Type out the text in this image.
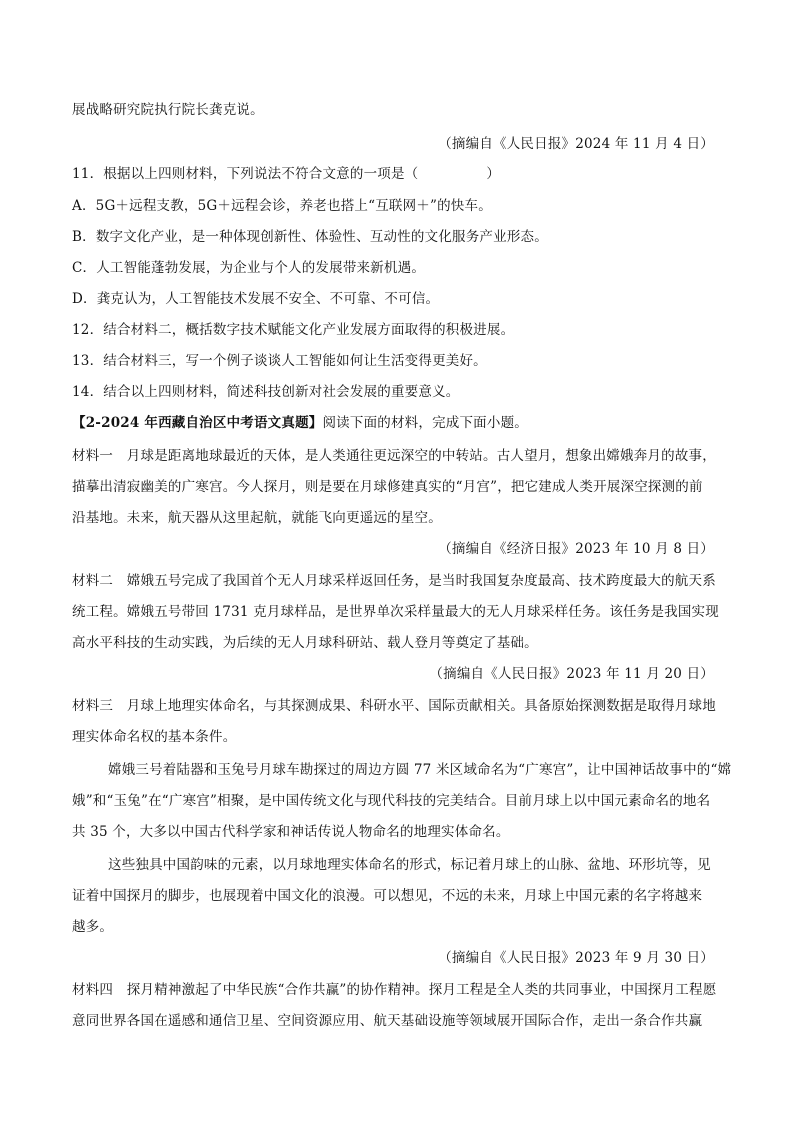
展战略研究院执行院长龚克说。
（摘编自《人民日报》2024 年 11 月 4 日）
11．根据以上四则材料，下列说法不符合文意的一项是（	）
A．5G＋远程支教，5G＋远程会诊，养老也搭上“互联网＋”的快车。
B．数字文化产业，是一种体现创新性、体验性、互动性的文化服务产业形态。
C．人工智能蓬勃发展，为企业与个人的发展带来新机遇。
D．龚克认为，人工智能技术发展不安全、不可靠、不可信。
12．结合材料二，概括数字技术赋能文化产业发展方面取得的积极进展。
13．结合材料三，写一个例子谈谈人工智能如何让生活变得更美好。
14．结合以上四则材料，简述科技创新对社会发展的重要意义。
【2-2024 年西藏自治区中考语文真题】阅读下面的材料，完成下面小题。
材料一　月球是距离地球最近的天体，是人类通往更远深空的中转站。古人望月，想象出嫦娥奔月的故事，
描摹出清寂幽美的广寒宫。今人探月，则是要在月球修建真实的“月宫”，把它建成人类开展深空探测的前
沿基地。未来，航天器从这里起航，就能飞向更遥远的星空。
（摘编自《经济日报》2023 年 10 月 8 日）
材料二　嫦娥五号完成了我国首个无人月球采样返回任务，是当时我国复杂度最高、技术跨度最大的航天系
统工程。嫦娥五号带回 1731 克月球样品，是世界单次采样量最大的无人月球采样任务。该任务是我国实现
高水平科技的生动实践，为后续的无人月球科研站、载人登月等奠定了基础。
（摘编自《人民日报》2023 年 11 月 20 日）
材料三　月球上地理实体命名，与其探测成果、科研水平、国际贡献相关。具备原始探测数据是取得月球地
理实体命名权的基本条件。
嫦娥三号着陆器和玉兔号月球车勘探过的周边方圆 77 米区域命名为“广寒宫”，让中国神话故事中的“嫦
娥”和“玉兔”在“广寒宫”相聚，是中国传统文化与现代科技的完美结合。目前月球上以中国元素命名的地名
共 35 个，大多以中国古代科学家和神话传说人物命名的地理实体命名。
这些独具中国韵味的元素，以月球地理实体命名的形式，标记着月球上的山脉、盆地、环形坑等，见
证着中国探月的脚步，也展现着中国文化的浪漫。可以想见，不远的未来，月球上中国元素的名字将越来
越多。
（摘编自《人民日报》2023 年 9 月 30 日）
材料四　探月精神激起了中华民族“合作共赢”的协作精神。探月工程是全人类的共同事业，中国探月工程愿
意同世界各国在遥感和通信卫星、空间资源应用、航天基础设施等领域展开国际合作，走出一条合作共赢
